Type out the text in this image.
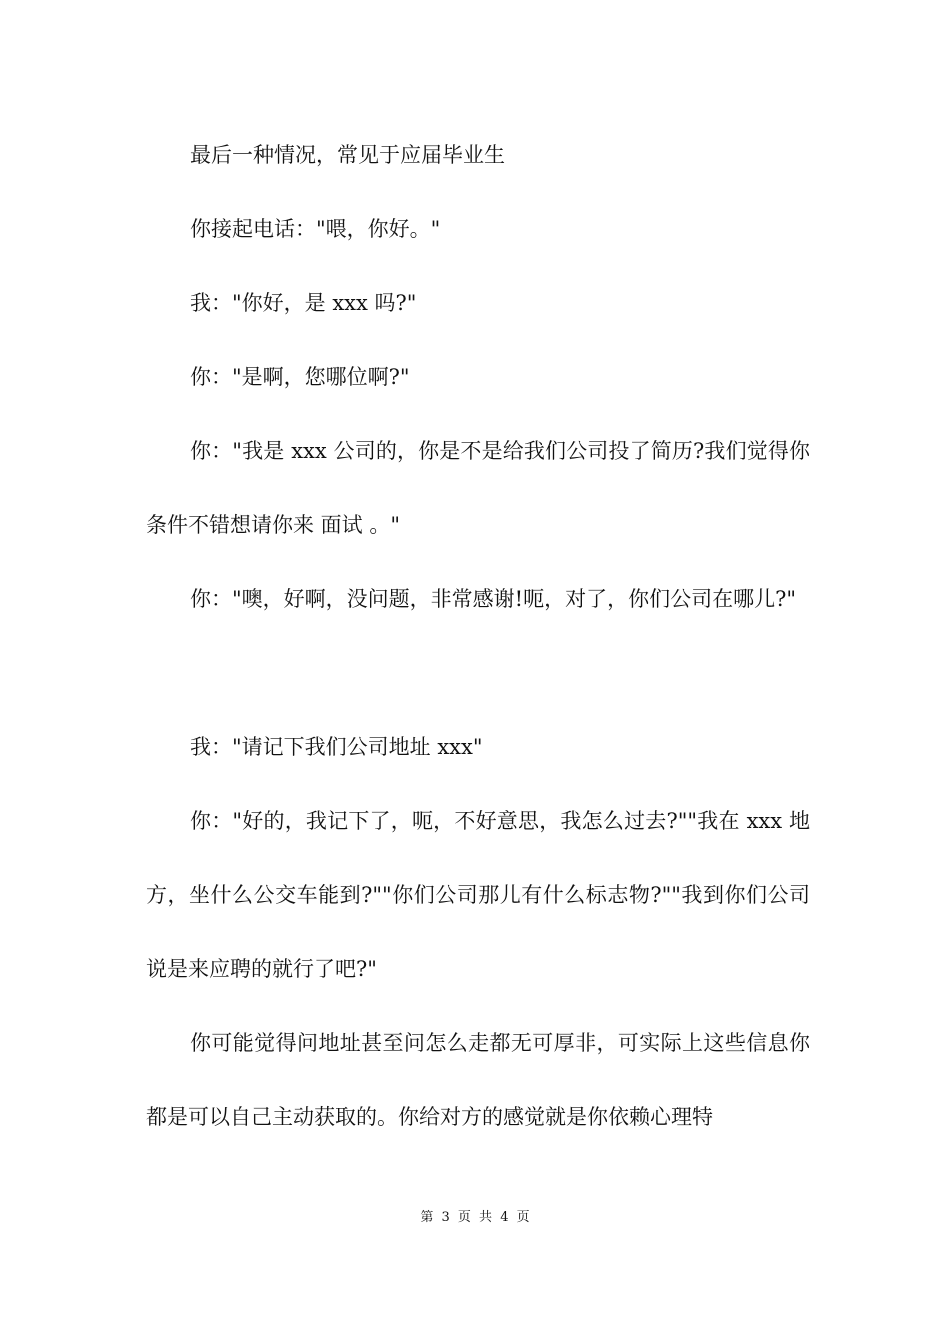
最后一种情况，常见于应届毕业生

你接起电话："喂，你好。"

我："你好，是 xxx 吗?"

你："是啊，您哪位啊?"

你："我是 xxx 公司的，你是不是给我们公司投了简历?我们觉得你条件不错想请你来 面试 。"

你："噢，好啊，没问题，非常感谢!呃，对了，你们公司在哪儿?"

我："请记下我们公司地址 xxx"

你："好的，我记下了，呃，不好意思，我怎么过去?""我在 xxx 地方，坐什么公交车能到?""你们公司那儿有什么标志物?""我到你们公司说是来应聘的就行了吧?"

你可能觉得问地址甚至问怎么走都无可厚非，可实际上这些信息你都是可以自己主动获取的。你给对方的感觉就是你依赖心理特

第 3 页 共 4 页
